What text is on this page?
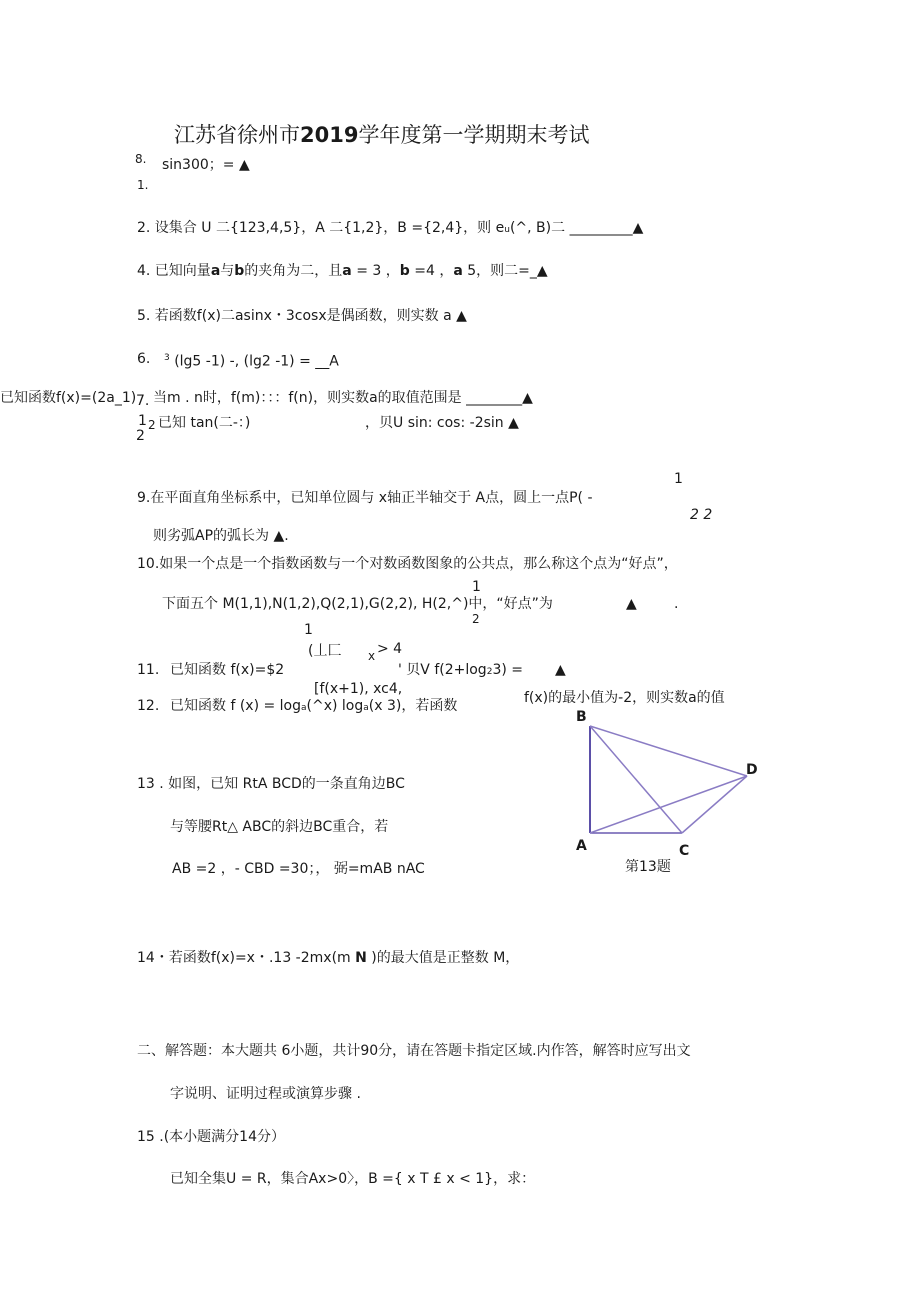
江苏省徐州市2019学年度第一学期期末考试
8. sin300；= ▲
1.
2. 设集合 U 二{123,4,5}，A 二{1,2}，B ={2,4}，则 eu(^, B)二 _________▲
4. 已知向量a与b的夹角为二，且a = 3 ，b =4 ，a 5，则二=_▲
5. 若函数f(x)二asinx・3cosx是偶函数，则实数 a ▲
6. $^3$ (lg5 -1) -, (lg2 -1) = __A
已知函数f(x)=(2a_1) 7. 当m . n时，f(m)：：：f(n)，则实数a的取值范围是 ________▲
1
2
2 已知 tan(二-：)	，贝U sin: cos: -2sin ▲
1
9.在平面直角坐标系中，已知单位圆与 x轴正半轴交于 A点，圆上一点P( -
2 2
则劣弧AP的弧长为 ▲.
10.如果一个点是一个指数函数与一个对数函数图象的公共点，那么称这个点为“好点”，
1
下面五个 M(1,1),N(1,2),Q(2,1),G(2,2), H(2,^)中，“好点”为
2
▲	.
1
(丄匚 x > 4
11. 已知函数 f(x)=$2	' 贝V f(2+log23) = ▲
[f(x+1), xc4,
f(x)的最小值为-2，则实数a的值
12. 已知函数 f (x) = loga(^x) loga(x 3)，若函数
13 . 如图，已知 RtA BCD的一条直角边BC
与等腰Rt△ ABC的斜边BC重合，若
AB =2 ，- CBD =30；， 弼=mAB nAC
B
D
A	C
第13题
14・若函数f(x)=x・.13 -2mx(m N )的最大值是正整数 M，
二、解答题：本大题共 6小题，共计90分，请在答题卡指定区域.内作答，解答时应写出文
字说明、证明过程或演算步骤 .
15 .(本小题满分14分）
已知全集U = R，集合Ax>0〉，B ={ x T £ x < 1}，求：
